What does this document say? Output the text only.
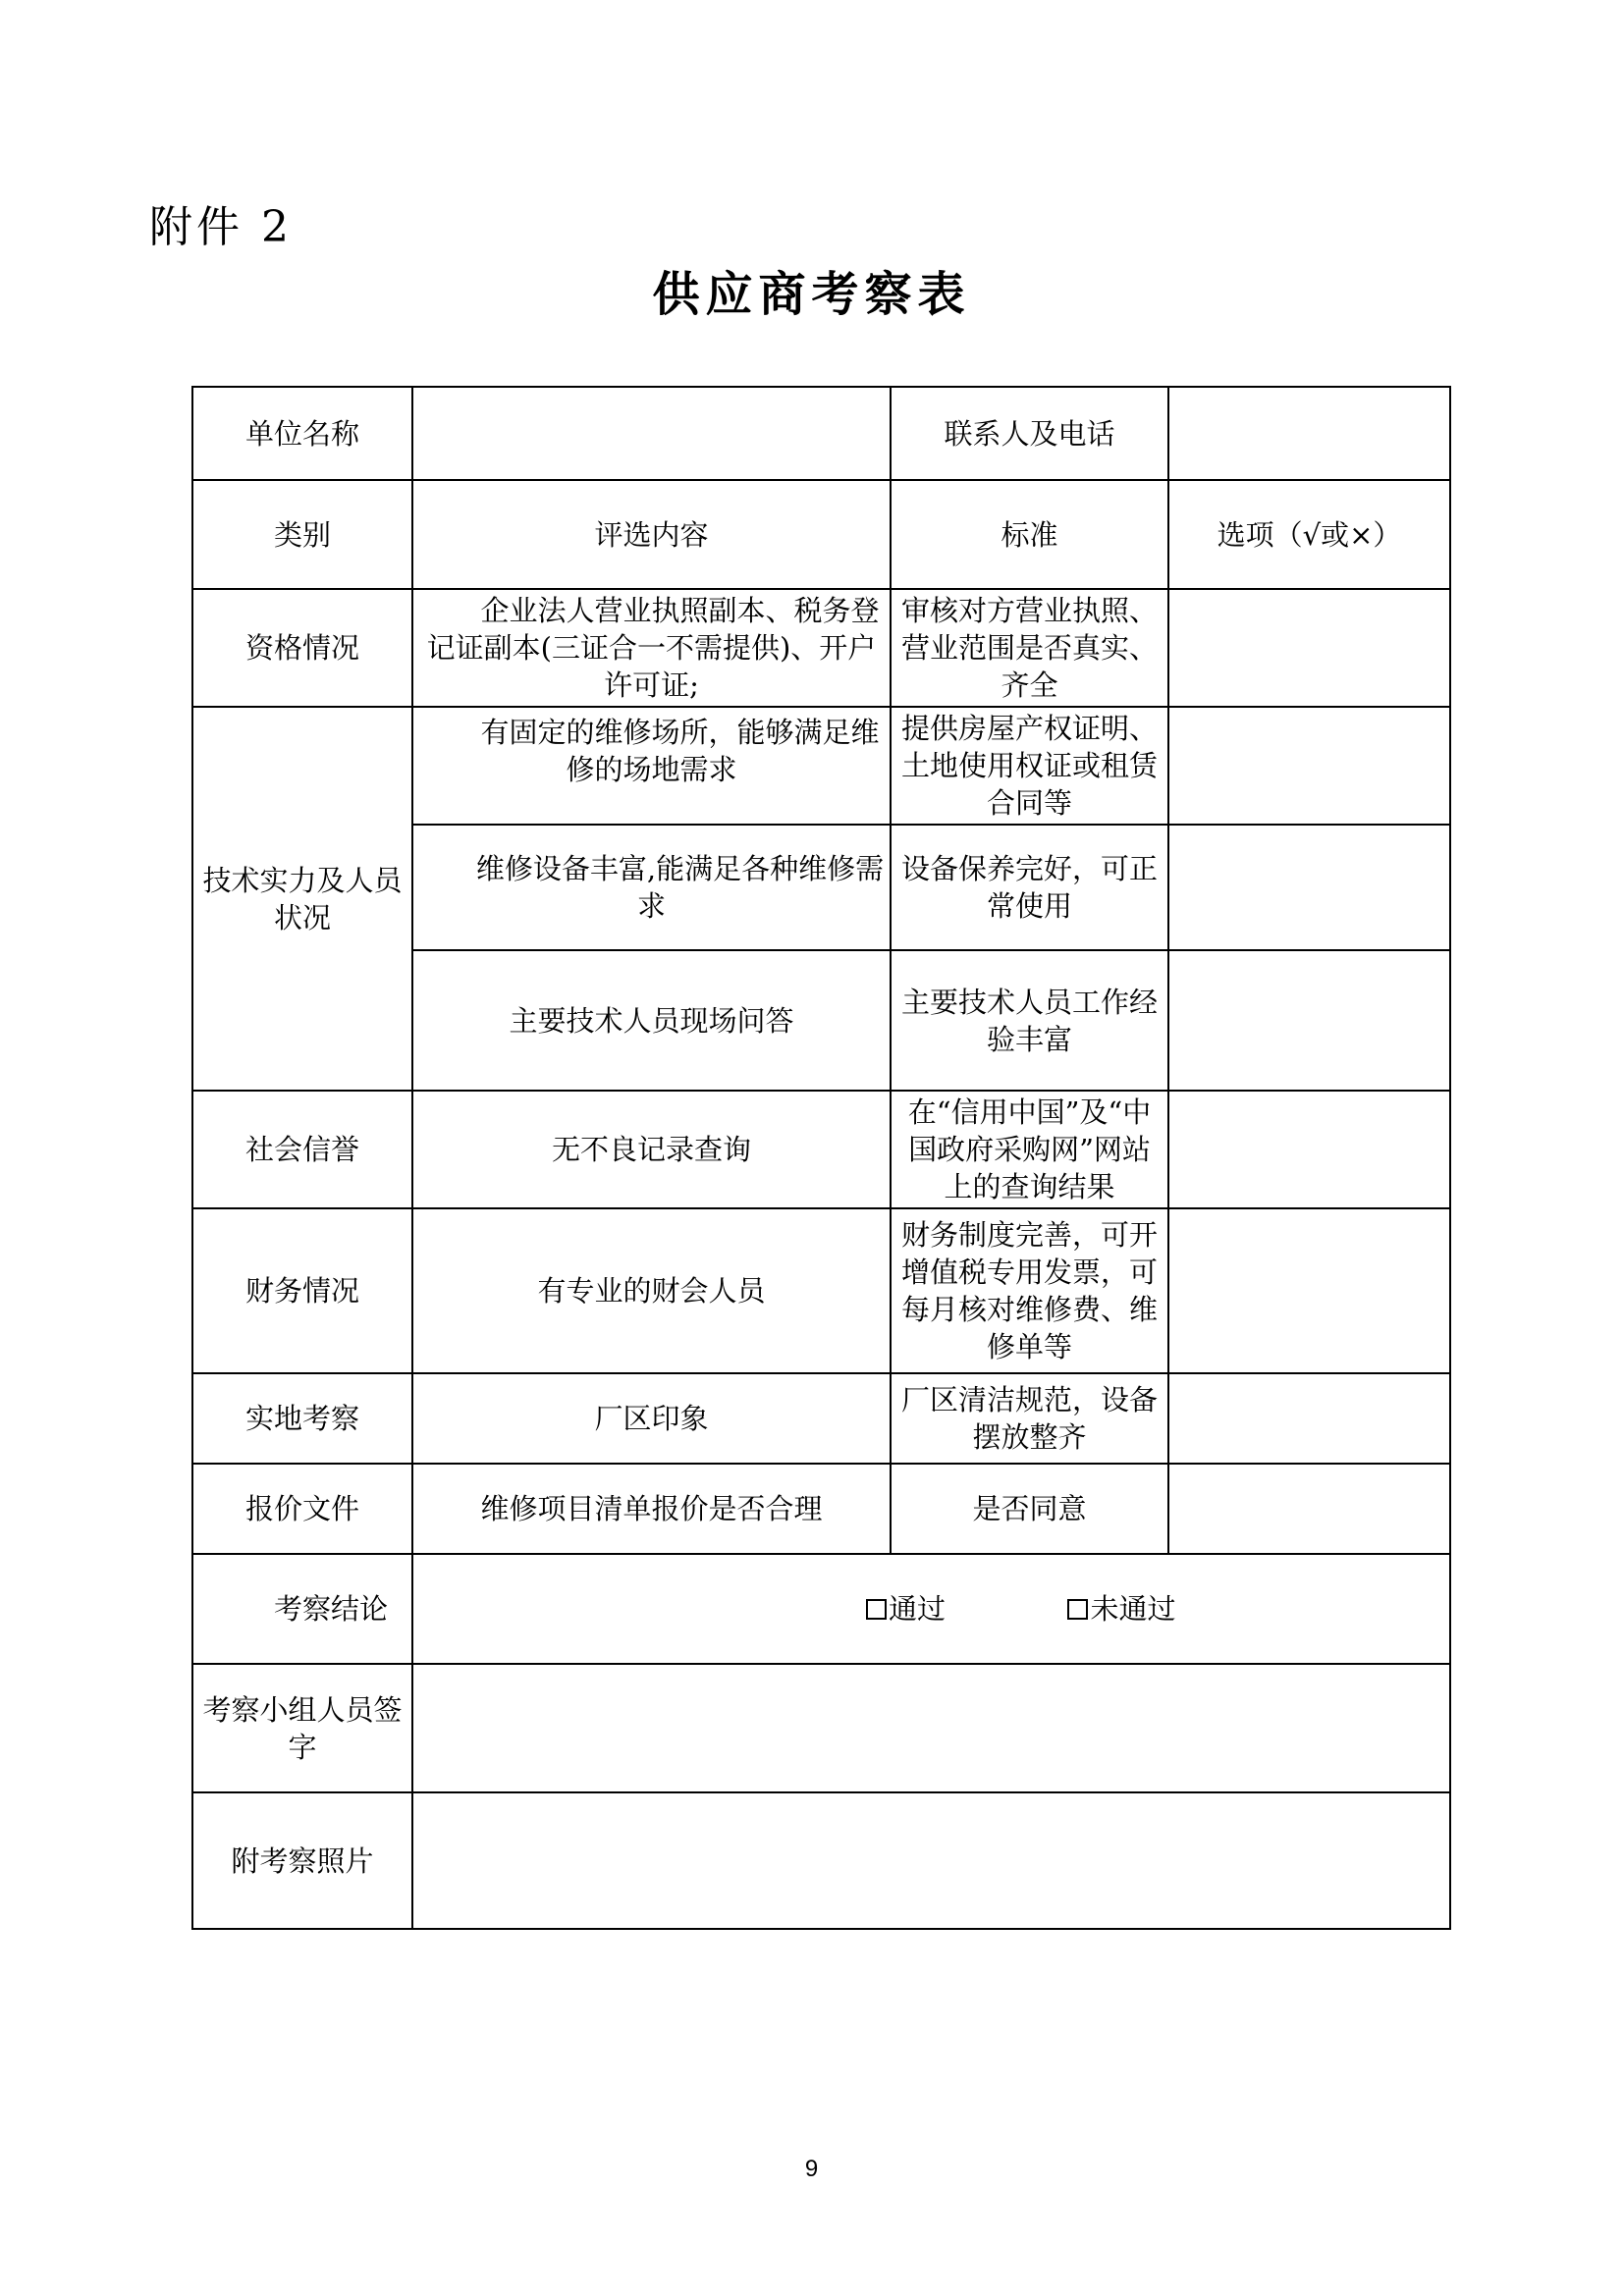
附件 2
供应商考察表
单位名称		联系人及电话	
类别	评选内容	标准	选项（√或×）
资格情况	企业法人营业执照副本、税务登记证副本(三证合一不需提供)、开户许可证;	审核对方营业执照、营业范围是否真实、齐全	
技术实力及人员状况	有固定的维修场所，能够满足维修的场地需求	提供房屋产权证明、土地使用权证或租赁合同等	
	维修设备丰富,能满足各种维修需求	设备保养完好，可正常使用	
	主要技术人员现场问答	主要技术人员工作经验丰富	
社会信誉	无不良记录查询	在“信用中国”及“中国政府采购网”网站上的查询结果	
财务情况	有专业的财会人员	财务制度完善，可开增值税专用发票，可每月核对维修费、维修单等	
实地考察	厂区印象	厂区清洁规范，设备摆放整齐	
报价文件	维修项目清单报价是否合理	是否同意	
考察结论	通过 未通过		
考察小组人员签字			
附考察照片			
9
